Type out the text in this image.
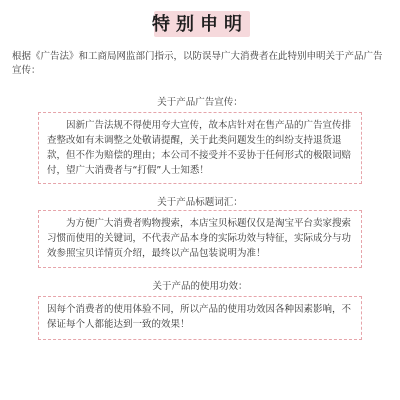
特别申明
根据《广告法》和工商局网监部门指示，以防误导广大消费者在此特别申明关于产品广告宣传：
关于产品广告宣传：

因新广告法规不得使用夸大宣传，故本店针对在售产品的广告宣传排查整改如有未调整之处敬请提醒，关于此类问题发生的纠纷支持退货退款，但不作为赔偿的理由；本公司不接受并不妥协于任何形式的极限词赔付，望广大消费者与“打假”人士知悉！

关于产品标题词汇：

为方便广大消费者购物搜索，本店宝贝标题仅仅是淘宝平台卖家搜索习惯而使用的关键词，不代表产品本身的实际功效与特征，实际成分与功效参照宝贝详情页介绍，最终以产品包装说明为准！

关于产品的使用功效：

因每个消费者的使用体验不同，所以产品的使用功效因各种因素影响，不保证每个人都能达到一致的效果！
